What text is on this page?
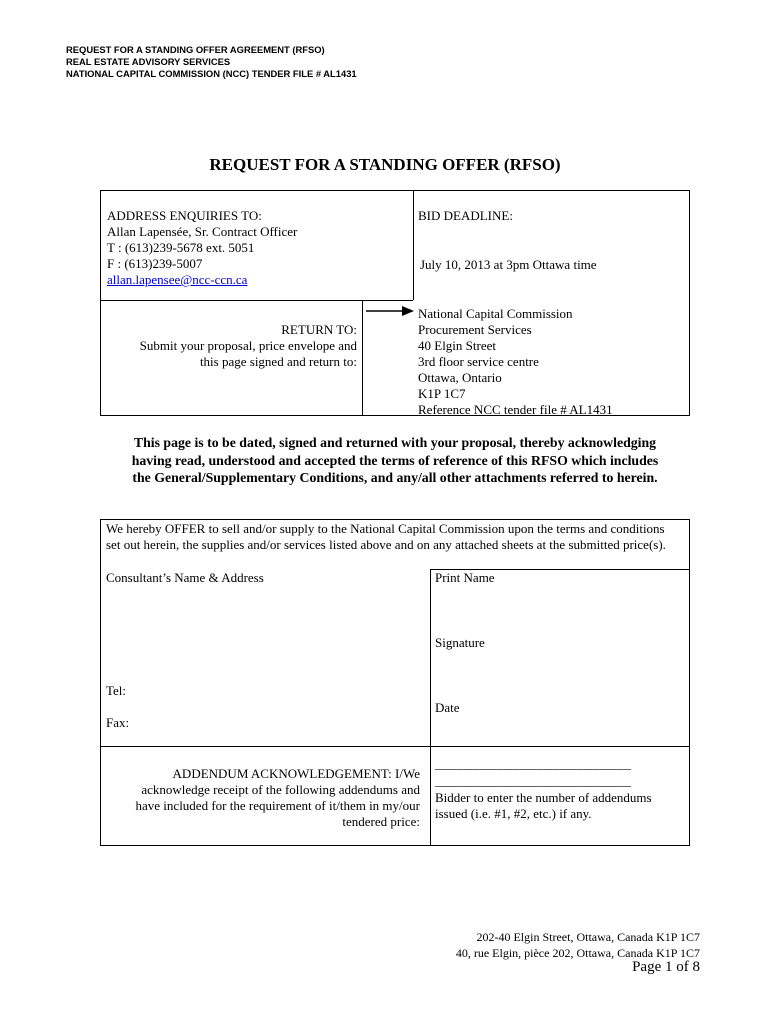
REQUEST FOR A STANDING OFFER AGREEMENT (RFSO)
REAL ESTATE ADVISORY SERVICES
NATIONAL CAPITAL COMMISSION (NCC) TENDER FILE # AL1431
REQUEST FOR A STANDING OFFER (RFSO)
ADDRESS ENQUIRIES TO:
Allan Lapensée, Sr. Contract Officer
T : (613)239-5678 ext. 5051
F : (613)239-5007
allan.lapensee@ncc-ccn.ca
BID DEADLINE:
July 10, 2013 at 3pm Ottawa time
RETURN TO:
Submit your proposal, price envelope and
this page signed and return to:
National Capital Commission
Procurement Services
40 Elgin Street
3rd floor service centre
Ottawa, Ontario
K1P 1C7
Reference NCC tender file # AL1431
This page is to be dated, signed and returned with your proposal, thereby acknowledging
having read, understood and accepted the terms of reference of this RFSO which includes
the General/Supplementary Conditions, and any/all other attachments referred to herein.
We hereby OFFER to sell and/or supply to the National Capital Commission upon the terms and conditions set out herein, the supplies and/or services listed above and on any attached sheets at the submitted price(s).
Consultant’s Name & Address	Print Name
Signature
Tel:
Date
Fax:
ADDENDUM ACKNOWLEDGEMENT: I/We
acknowledge receipt of the following addendums and
have included for the requirement of it/them in my/our
tendered price:
_______________________________________
_______________________________________
Bidder to enter the number of addendums
issued (i.e. #1, #2, etc.) if any.
202-40 Elgin Street, Ottawa, Canada K1P 1C7
40, rue Elgin, pièce 202, Ottawa, Canada K1P 1C7
Page 1 of 8
